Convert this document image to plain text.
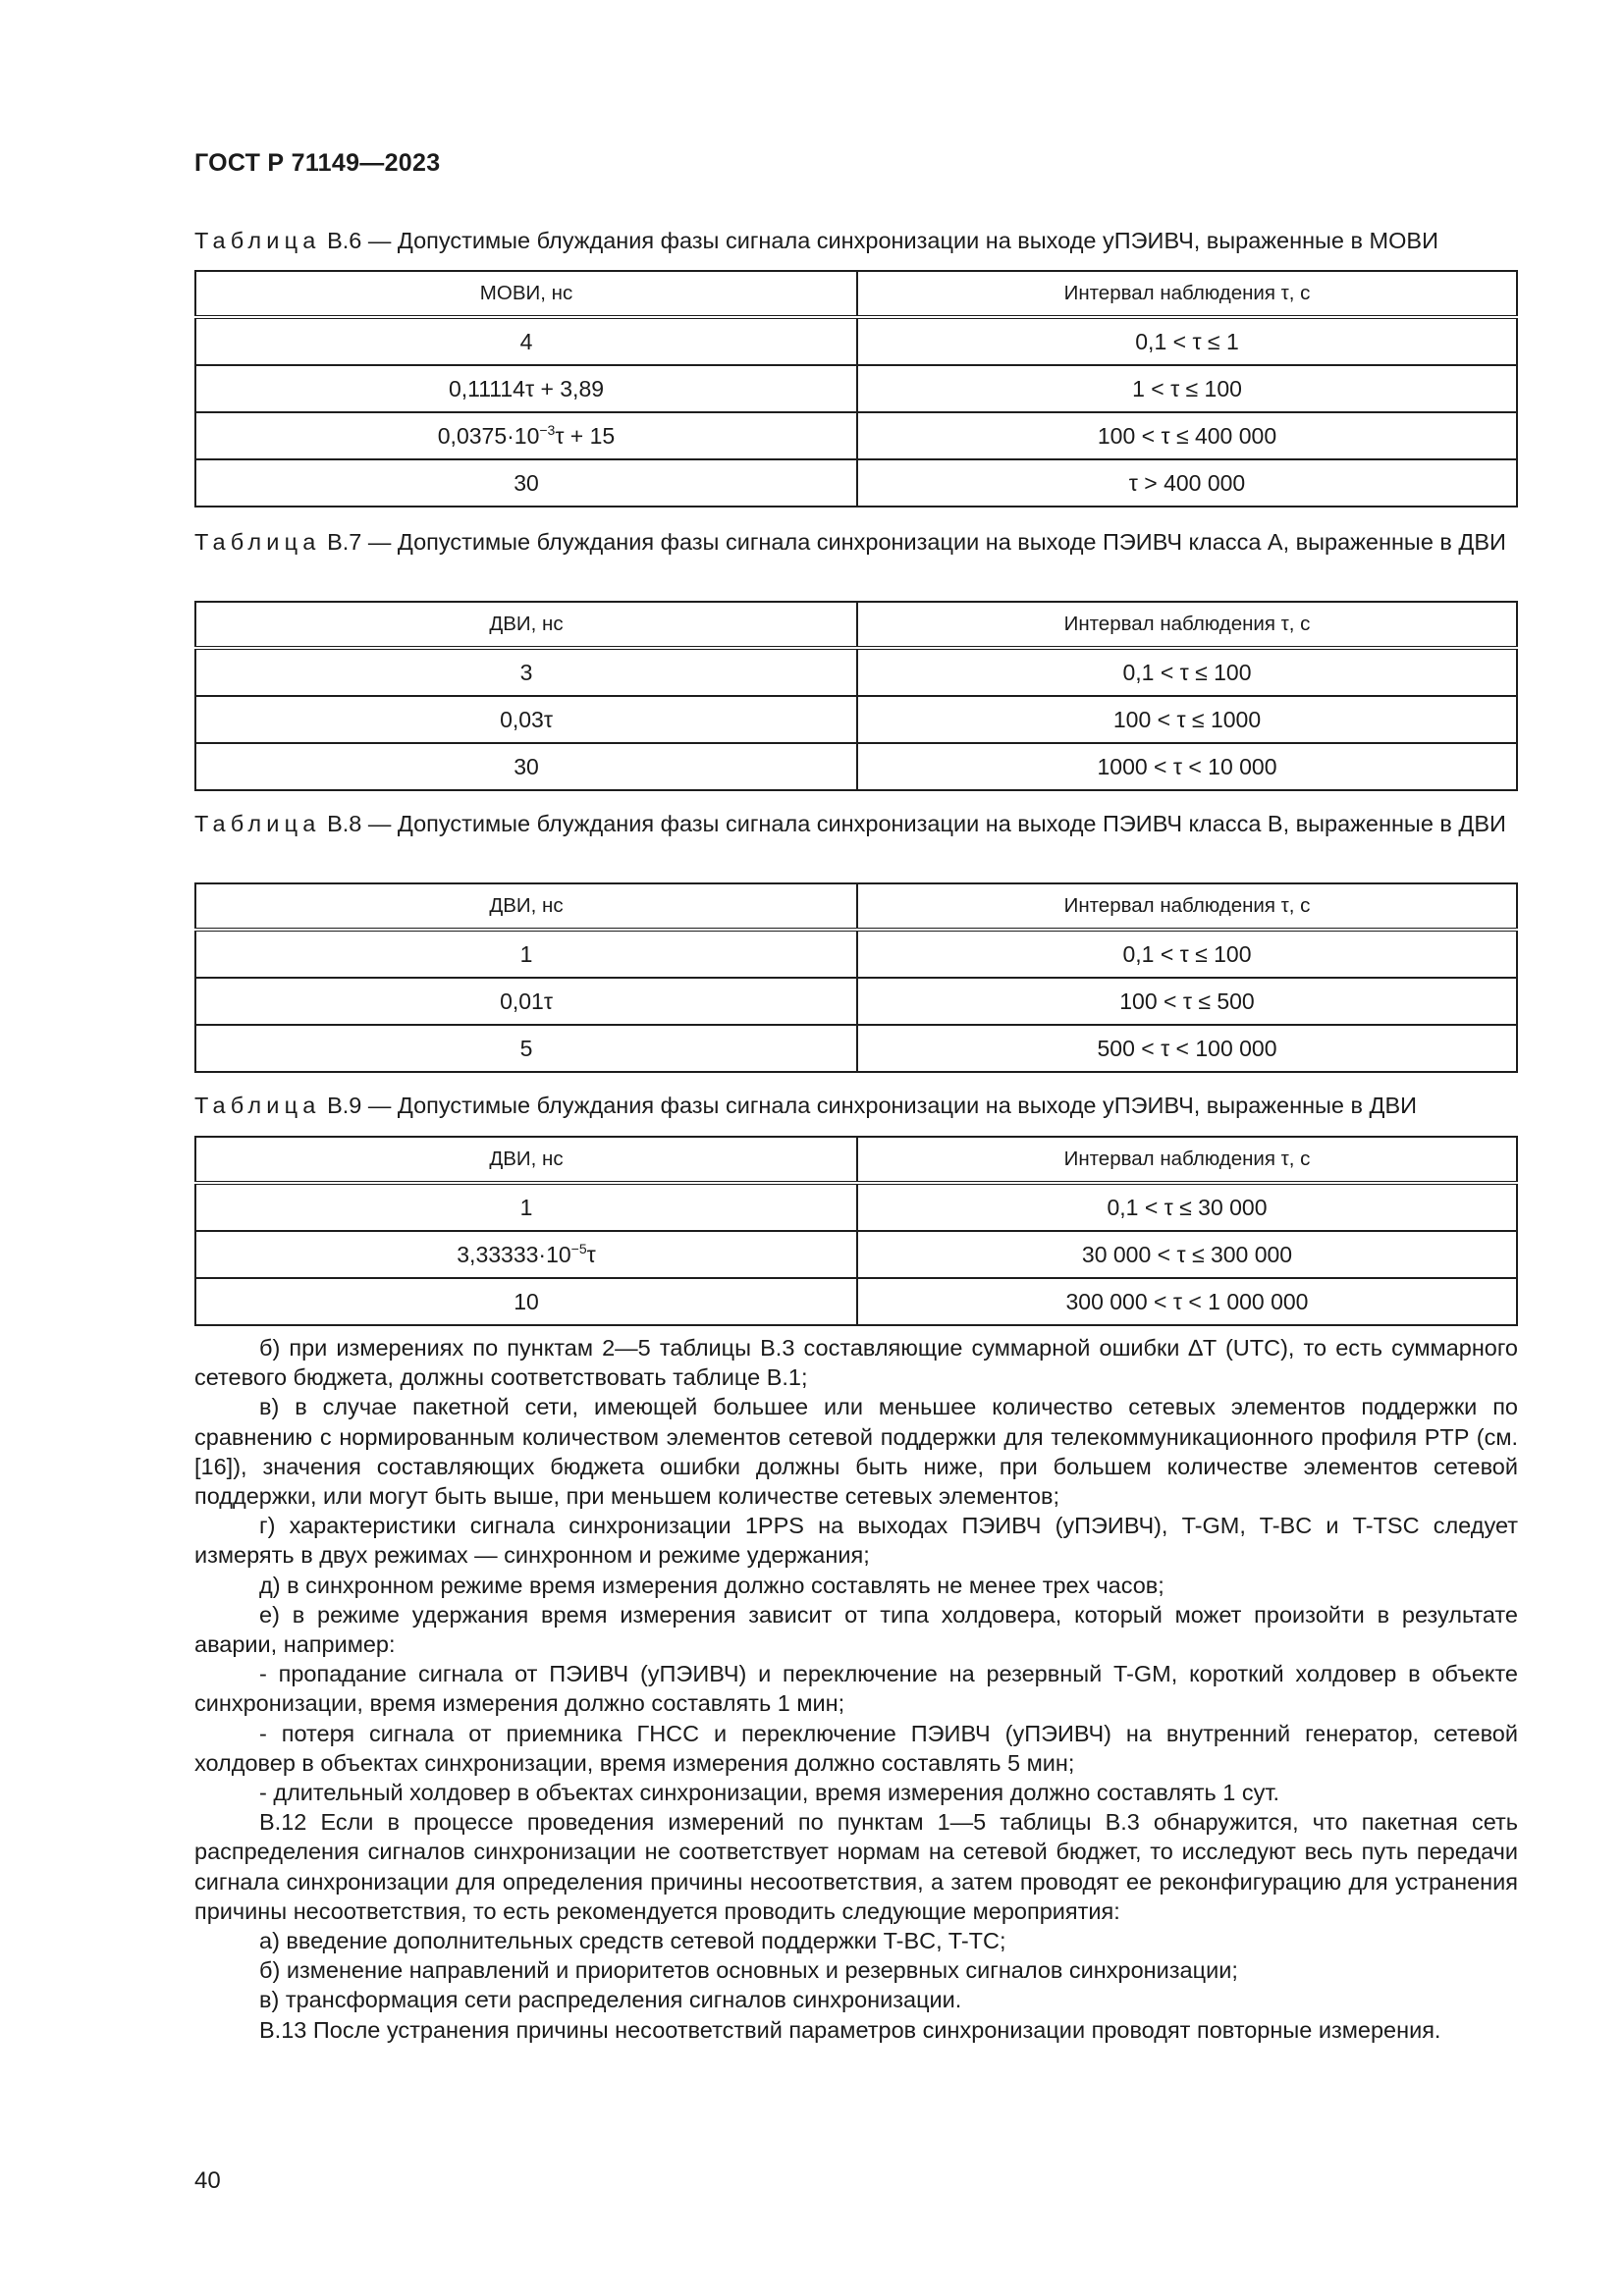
ГОСТ Р 71149—2023
Таблица В.6 — Допустимые блуждания фазы сигнала синхронизации на выходе уПЭИВЧ, выраженные в МОВИ
МОВИ, нс	Интервал наблюдения τ, с
4	0,1 < τ ≤ 1
0,11114τ + 3,89	1 < τ ≤ 100
$0,0375\cdot 10^{-3}\tau + 15$	100 < τ ≤ 400 000
30	τ > 400 000
Таблица В.7 — Допустимые блуждания фазы сигнала синхронизации на выходе ПЭИВЧ класса А, выраженные в ДВИ
ДВИ, нс	Интервал наблюдения τ, с
3	0,1 < τ ≤ 100
0,03τ	100 < τ ≤ 1000
30	1000 < τ < 10 000
Таблица В.8 — Допустимые блуждания фазы сигнала синхронизации на выходе ПЭИВЧ класса В, выраженные в ДВИ
ДВИ, нс	Интервал наблюдения τ, с
1	0,1 < τ ≤ 100
0,01τ	100 < τ ≤ 500
5	500 < τ < 100 000
Таблица В.9 — Допустимые блуждания фазы сигнала синхронизации на выходе уПЭИВЧ, выраженные в ДВИ
ДВИ, нс	Интервал наблюдения τ, с
1	0,1 < τ ≤ 30 000
$3,33333\cdot 10^{-5}\tau$	30 000 < τ ≤ 300 000
10	300 000 < τ < 1 000 000

б) при измерениях по пунктам 2—5 таблицы В.3 составляющие суммарной ошибки ∆T (UTC), то есть суммарного сетевого бюджета, должны соответствовать таблице В.1;

в) в случае пакетной сети, имеющей большее или меньшее количество сетевых элементов поддержки по сравнению с нормированным количеством элементов сетевой поддержки для телекоммуникационного профиля PTP (см. [16]), значения составляющих бюджета ошибки должны быть ниже, при большем количестве элементов сетевой поддержки, или могут быть выше, при меньшем количестве сетевых элементов;

г) характеристики сигнала синхронизации 1PPS на выходах ПЭИВЧ (уПЭИВЧ), T-GM, T-BC и T-TSC следует измерять в двух режимах — синхронном и режиме удержания;

д) в синхронном режиме время измерения должно составлять не менее трех часов;

е) в режиме удержания время измерения зависит от типа холдовера, который может произойти в результате аварии, например:

- пропадание сигнала от ПЭИВЧ (уПЭИВЧ) и переключение на резервный T-GM, короткий холдовер в объекте синхронизации, время измерения должно составлять 1 мин;

- потеря сигнала от приемника ГНСС и переключение ПЭИВЧ (уПЭИВЧ) на внутренний генератор, сетевой холдовер в объектах синхронизации, время измерения должно составлять 5 мин;

- длительный холдовер в объектах синхронизации, время измерения должно составлять 1 сут.

В.12 Если в процессе проведения измерений по пунктам 1—5 таблицы В.3 обнаружится, что пакетная сеть распределения сигналов синхронизации не соответствует нормам на сетевой бюджет, то исследуют весь путь передачи сигнала синхронизации для определения причины несоответствия, а затем проводят ее реконфигурацию для устранения причины несоответствия, то есть рекомендуется проводить следующие мероприятия:

а) введение дополнительных средств сетевой поддержки T-BC, T-TC;

б) изменение направлений и приоритетов основных и резервных сигналов синхронизации;

в) трансформация сети распределения сигналов синхронизации.

В.13 После устранения причины несоответствий параметров синхронизации проводят повторные измерения.

40
